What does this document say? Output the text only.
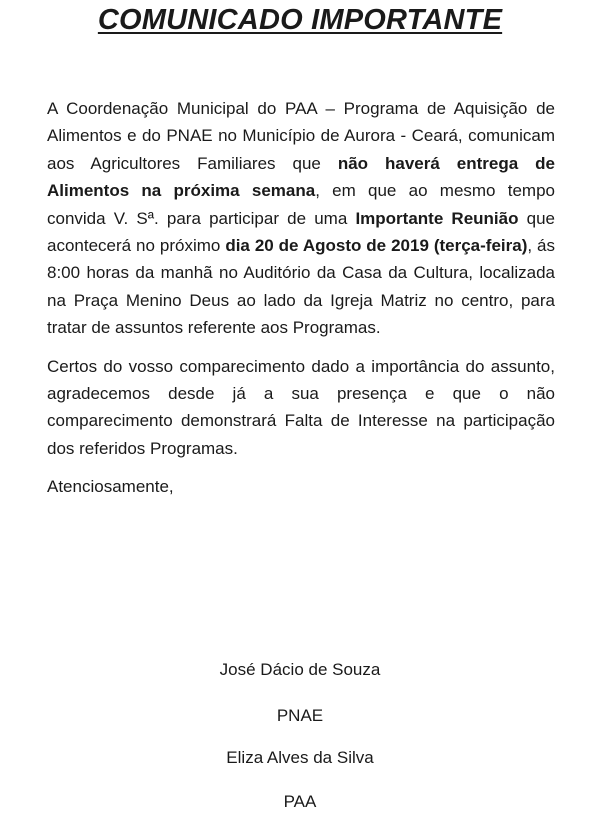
COMUNICADO IMPORTANTE

A Coordenação Municipal do PAA – Programa de Aquisição de Alimentos e do PNAE no Município de Aurora - Ceará, comunicam aos Agricultores Familiares que não haverá entrega de Alimentos na próxima semana, em que ao mesmo tempo convida V. Sª. para participar de uma Importante Reunião que acontecerá no próximo dia 20 de Agosto de 2019 (terça-feira), ás 8:00 horas da manhã no Auditório da Casa da Cultura, localizada na Praça Menino Deus ao lado da Igreja Matriz no centro, para tratar de assuntos referente aos Programas.

Certos do vosso comparecimento dado a importância do assunto, agradecemos desde já a sua presença e que o não comparecimento demonstrará Falta de Interesse na participação dos referidos Programas.

Atenciosamente,

José Dácio de Souza
PNAE
Eliza Alves da Silva
PAA
